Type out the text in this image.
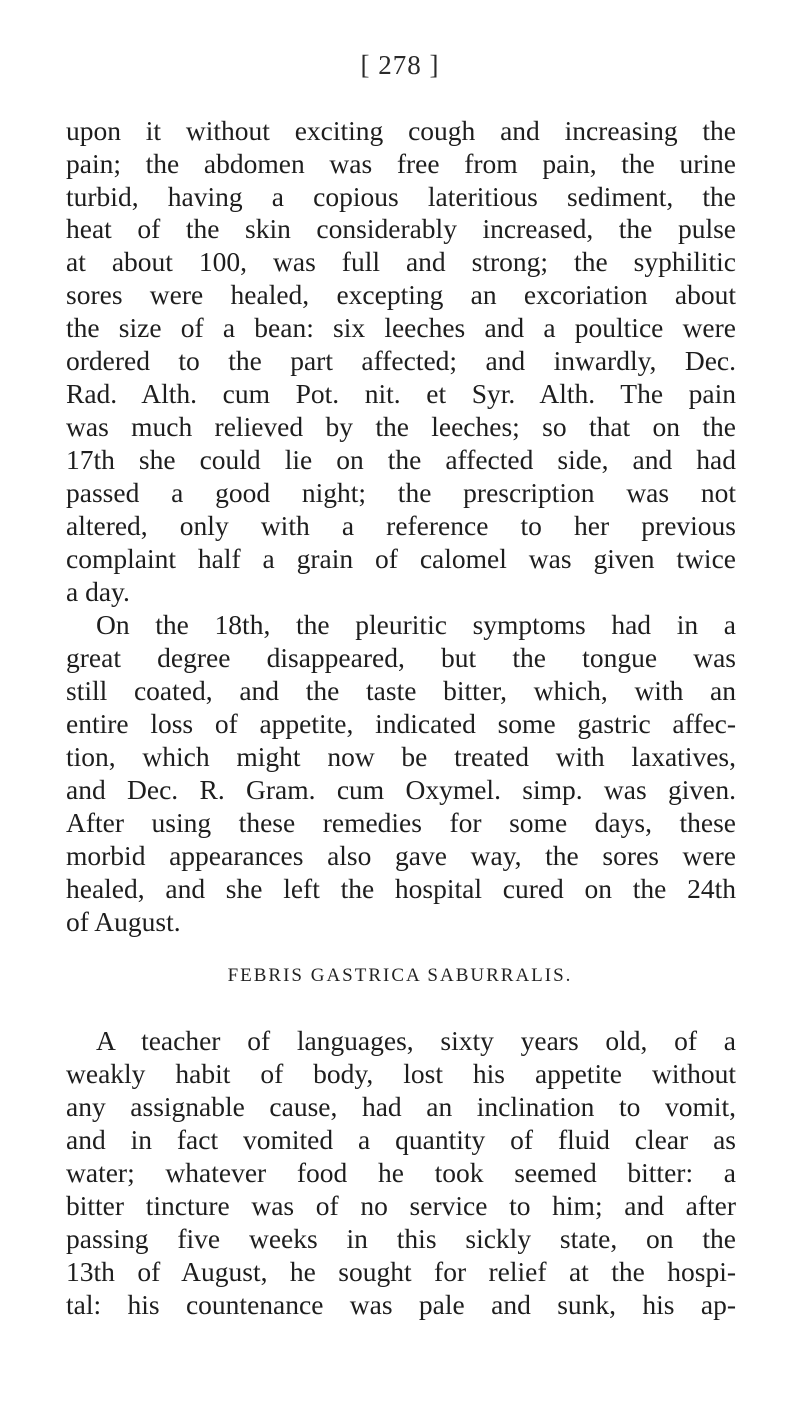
[ 278 ]
upon it without exciting cough and increasing the
pain; the abdomen was free from pain, the urine
turbid, having a copious lateritious sediment, the
heat of the skin considerably increased, the pulse
at about 100, was full and strong; the syphilitic
sores were healed, excepting an excoriation about
the size of a bean: six leeches and a poultice were
ordered to the part affected; and inwardly, Dec.
Rad. Alth. cum Pot. nit. et Syr. Alth. The pain
was much relieved by the leeches; so that on the
17th she could lie on the affected side, and had
passed a good night; the prescription was not
altered, only with a reference to her previous
complaint half a grain of calomel was given twice
a day.
On the 18th, the pleuritic symptoms had in a
great degree disappeared, but the tongue was
still coated, and the taste bitter, which, with an
entire loss of appetite, indicated some gastric affec-
tion, which might now be treated with laxatives,
and Dec. R. Gram. cum Oxymel. simp. was given.
After using these remedies for some days, these
morbid appearances also gave way, the sores were
healed, and she left the hospital cured on the 24th
of August.
FEBRIS GASTRICA SABURRALIS.
A teacher of languages, sixty years old, of a
weakly habit of body, lost his appetite without
any assignable cause, had an inclination to vomit,
and in fact vomited a quantity of fluid clear as
water; whatever food he took seemed bitter: a
bitter tincture was of no service to him; and after
passing five weeks in this sickly state, on the
13th of August, he sought for relief at the hospi-
tal: his countenance was pale and sunk, his ap-
